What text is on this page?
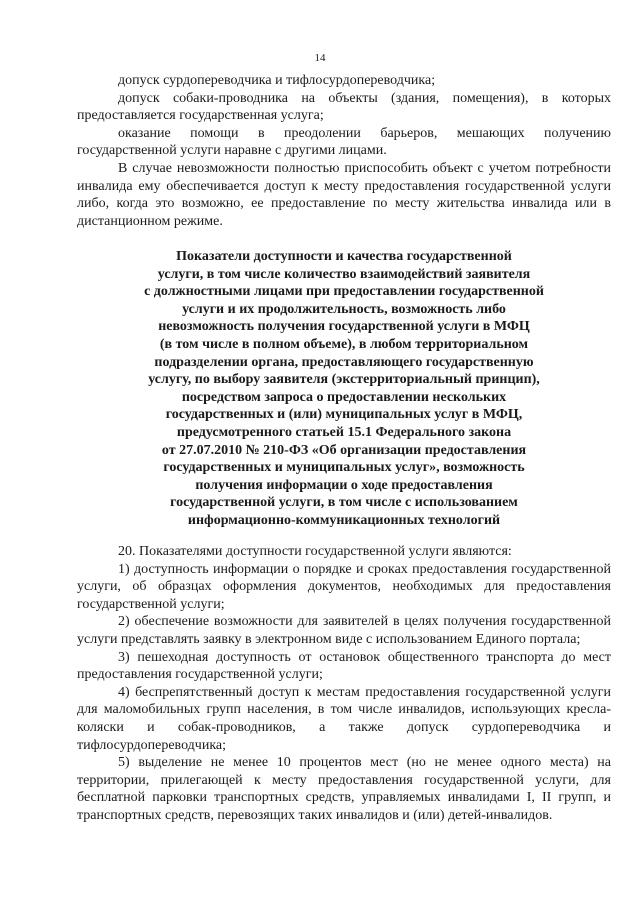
14

допуск сурдопереводчика и тифлосурдопереводчика;

допуск собаки-проводника на объекты (здания, помещения), в которых предоставляется государственная услуга;

оказание помощи в преодолении барьеров, мешающих получению государственной услуги наравне с другими лицами.

В случае невозможности полностью приспособить объект с учетом потребности инвалида ему обеспечивается доступ к месту предоставления государственной услуги либо, когда это возможно, ее предоставление по месту жительства инвалида или в дистанционном режиме.

Показатели доступности и качества государственной

услуги, в том числе количество взаимодействий заявителя

с должностными лицами при предоставлении государственной

услуги и их продолжительность, возможность либо

невозможность получения государственной услуги в МФЦ

(в том числе в полном объеме), в любом территориальном

подразделении органа, предоставляющего государственную

услугу, по выбору заявителя (экстерриториальный принцип),

посредством запроса о предоставлении нескольких

государственных и (или) муниципальных услуг в МФЦ,

предусмотренного статьей 15.1 Федерального закона

от 27.07.2010 № 210-ФЗ «Об организации предоставления

государственных и муниципальных услуг», возможность

получения информации о ходе предоставления

государственной услуги, в том числе с использованием

информационно-коммуникационных технологий

20. Показателями доступности государственной услуги являются:

1) доступность информации о порядке и сроках предоставления государственной услуги, об образцах оформления документов, необходимых для предоставления государственной услуги;

2) обеспечение возможности для заявителей в целях получения государственной услуги представлять заявку в электронном виде с использованием Единого портала;

3) пешеходная доступность от остановок общественного транспорта до мест предоставления государственной услуги;

4) беспрепятственный доступ к местам предоставления государственной услуги для маломобильных групп населения, в том числе инвалидов, использующих кресла-коляски и собак-проводников, а также допуск сурдопереводчика и тифлосурдопереводчика;

5) выделение не менее 10 процентов мест (но не менее одного места) на территории, прилегающей к месту предоставления государственной услуги, для бесплатной парковки транспортных средств, управляемых инвалидами I, II групп, и транспортных средств, перевозящих таких инвалидов и (или) детей-инвалидов.
